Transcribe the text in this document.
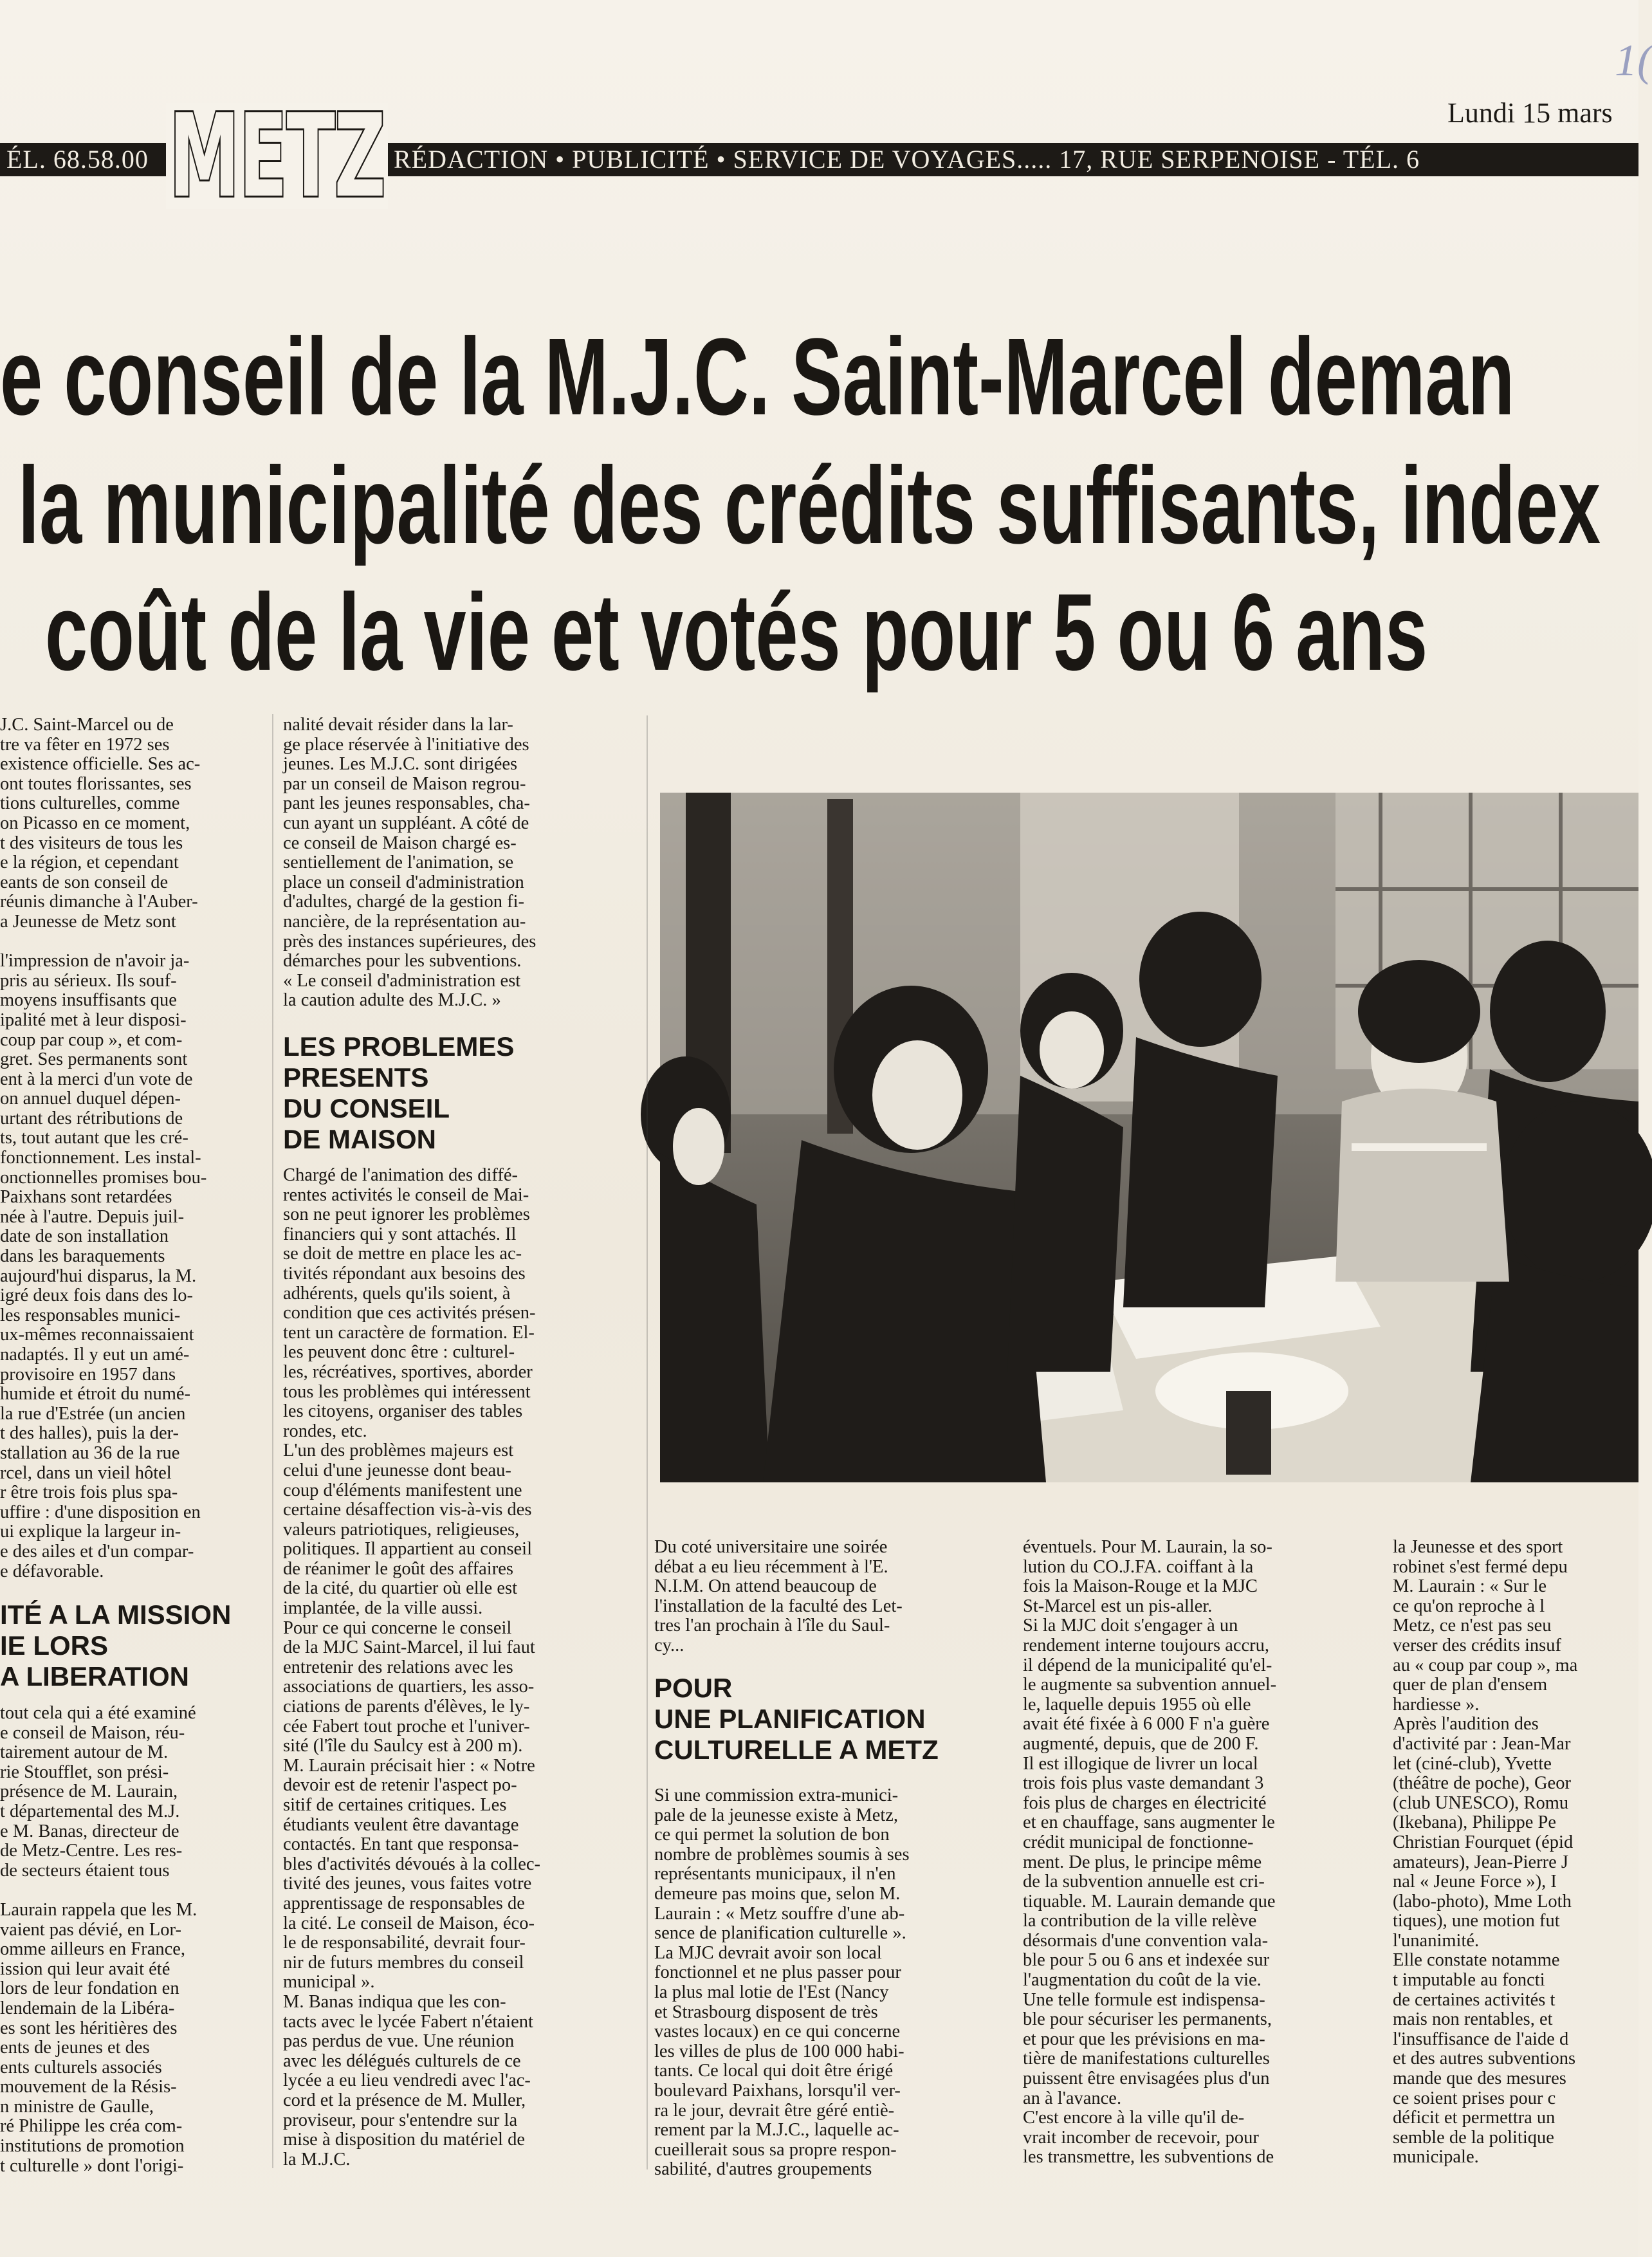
1(
Lundi 15 mars
ÉL. 68.58.00	RÉDACTION • PUBLICITÉ • SERVICE DE VOYAGES..... 17, RUE SERPENOISE - TÉL. 6
METZ
e conseil de la M.J.C. Saint-Marcel deman
la municipalité des crédits suffisants, index
coût de la vie et votés pour 5 ou 6 ans
J.C. Saint-Marcel ou de
tre va fêter en 1972 ses
existence officielle. Ses ac-
ont toutes florissantes, ses
tions culturelles, comme
on Picasso en ce moment,
t des visiteurs de tous les
e la région, et cependant
eants de son conseil de
réunis dimanche à l'Auber-
a Jeunesse de Metz sont

l'impression de n'avoir ja-
pris au sérieux. Ils souf-
moyens insuffisants que
ipalité met à leur disposi-
coup par coup », et com-
gret. Ses permanents sont
ent à la merci d'un vote de
on annuel duquel dépen-
urtant des rétributions de
ts, tout autant que les cré-
fonctionnement. Les instal-
onctionnelles promises bou-
Paixhans sont retardées
née à l'autre. Depuis juil-
date de son installation
dans les baraquements
aujourd'hui disparus, la M.
igré deux fois dans des lo-
les responsables munici-
ux-mêmes reconnaissaient
nadaptés. Il y eut un amé-
provisoire en 1957 dans
humide et étroit du numé-
la rue d'Estrée (un ancien
t des halles), puis la der-
stallation au 36 de la rue
rcel, dans un vieil hôtel
r être trois fois plus spa-
uffire : d'une disposition en
ui explique la largeur in-
e des ailes et d'un compar-
e défavorable.
ITÉ A LA MISSION
IE LORS
A LIBERATION
tout cela qui a été examiné
e conseil de Maison, réu-
tairement autour de M.
rie Stoufflet, son prési-
présence de M. Laurain,
t départemental des M.J.
e M. Banas, directeur de
de Metz-Centre. Les res-
de secteurs étaient tous

Laurain rappela que les M.
vaient pas dévié, en Lor-
omme ailleurs en France,
ission qui leur avait été
lors de leur fondation en
lendemain de la Libéra-
es sont les héritières des
ents de jeunes et des
ents culturels associés
mouvement de la Résis-
n ministre de Gaulle,
ré Philippe les créa com-
institutions de promotion
t culturelle » dont l'origi-
nalité devait résider dans la lar-
ge place réservée à l'initiative des
jeunes. Les M.J.C. sont dirigées
par un conseil de Maison regrou-
pant les jeunes responsables, cha-
cun ayant un suppléant. A côté de
ce conseil de Maison chargé es-
sentiellement de l'animation, se
place un conseil d'administration
d'adultes, chargé de la gestion fi-
nancière, de la représentation au-
près des instances supérieures, des
démarches pour les subventions.
« Le conseil d'administration est
la caution adulte des M.J.C. »
LES PROBLEMES
PRESENTS
DU CONSEIL
DE MAISON
Chargé de l'animation des diffé-
rentes activités le conseil de Mai-
son ne peut ignorer les problèmes
financiers qui y sont attachés. Il
se doit de mettre en place les ac-
tivités répondant aux besoins des
adhérents, quels qu'ils soient, à
condition que ces activités présen-
tent un caractère de formation. El-
les peuvent donc être : culturel-
les, récréatives, sportives, aborder
tous les problèmes qui intéressent
les citoyens, organiser des tables
rondes, etc.
L'un des problèmes majeurs est
celui d'une jeunesse dont beau-
coup d'éléments manifestent une
certaine désaffection vis-à-vis des
valeurs patriotiques, religieuses,
politiques. Il appartient au conseil
de réanimer le goût des affaires
de la cité, du quartier où elle est
implantée, de la ville aussi.
Pour ce qui concerne le conseil
de la MJC Saint-Marcel, il lui faut
entretenir des relations avec les
associations de quartiers, les asso-
ciations de parents d'élèves, le ly-
cée Fabert tout proche et l'univer-
sité (l'île du Saulcy est à 200 m).
M. Laurain précisait hier : « Notre
devoir est de retenir l'aspect po-
sitif de certaines critiques. Les
étudiants veulent être davantage
contactés. En tant que responsa-
bles d'activités dévoués à la collec-
tivité des jeunes, vous faites votre
apprentissage de responsables de
la cité. Le conseil de Maison, éco-
le de responsabilité, devrait four-
nir de futurs membres du conseil
municipal ».
M. Banas indiqua que les con-
tacts avec le lycée Fabert n'étaient
pas perdus de vue. Une réunion
avec les délégués culturels de ce
lycée a eu lieu vendredi avec l'ac-
cord et la présence de M. Muller,
proviseur, pour s'entendre sur la
mise à disposition du matériel de
la M.J.C.
Du coté universitaire une soirée
débat a eu lieu récemment à l'E.
N.I.M. On attend beaucoup de
l'installation de la faculté des Let-
tres l'an prochain à l'île du Saul-
cy...
POUR
UNE PLANIFICATION
CULTURELLE A METZ
Si une commission extra-munici-
pale de la jeunesse existe à Metz,
ce qui permet la solution de bon
nombre de problèmes soumis à ses
représentants municipaux, il n'en
demeure pas moins que, selon M.
Laurain : « Metz souffre d'une ab-
sence de planification culturelle ».
La MJC devrait avoir son local
fonctionnel et ne plus passer pour
la plus mal lotie de l'Est (Nancy
et Strasbourg disposent de très
vastes locaux) en ce qui concerne
les villes de plus de 100 000 habi-
tants. Ce local qui doit être érigé
boulevard Paixhans, lorsqu'il ver-
ra le jour, devrait être géré entiè-
rement par la M.J.C., laquelle ac-
cueillerait sous sa propre respon-
sabilité, d'autres groupements
éventuels. Pour M. Laurain, la so-
lution du CO.J.FA. coiffant à la
fois la Maison-Rouge et la MJC
St-Marcel est un pis-aller.
Si la MJC doit s'engager à un
rendement interne toujours accru,
il dépend de la municipalité qu'el-
le augmente sa subvention annuel-
le, laquelle depuis 1955 où elle
avait été fixée à 6 000 F n'a guère
augmenté, depuis, que de 200 F.
Il est illogique de livrer un local
trois fois plus vaste demandant 3
fois plus de charges en électricité
et en chauffage, sans augmenter le
crédit municipal de fonctionne-
ment. De plus, le principe même
de la subvention annuelle est cri-
tiquable. M. Laurain demande que
la contribution de la ville relève
désormais d'une convention vala-
ble pour 5 ou 6 ans et indexée sur
l'augmentation du coût de la vie.
Une telle formule est indispensa-
ble pour sécuriser les permanents,
et pour que les prévisions en ma-
tière de manifestations culturelles
puissent être envisagées plus d'un
an à l'avance.
C'est encore à la ville qu'il de-
vrait incomber de recevoir, pour
les transmettre, les subventions de
la Jeunesse et des sport
robinet s'est fermé depu
M. Laurain : « Sur le
ce qu'on reproche à l
Metz, ce n'est pas seu
verser des crédits insuf
au « coup par coup », ma
quer de plan d'ensem
hardiesse ».
Après l'audition des
d'activité par : Jean-Mar
let (ciné-club), Yvette
(théâtre de poche), Geor
(club UNESCO), Romu
(Ikebana), Philippe Pe
Christian Fourquet (épid
amateurs), Jean-Pierre J
nal « Jeune Force »), I
(labo-photo), Mme Loth
tiques), une motion fut
l'unanimité.
Elle constate notamme
t imputable au foncti
de certaines activités t
mais non rentables, et
l'insuffisance de l'aide d
et des autres subventions
mande que des mesures
ce soient prises pour c
déficit et permettra un
semble de la politique
municipale.
